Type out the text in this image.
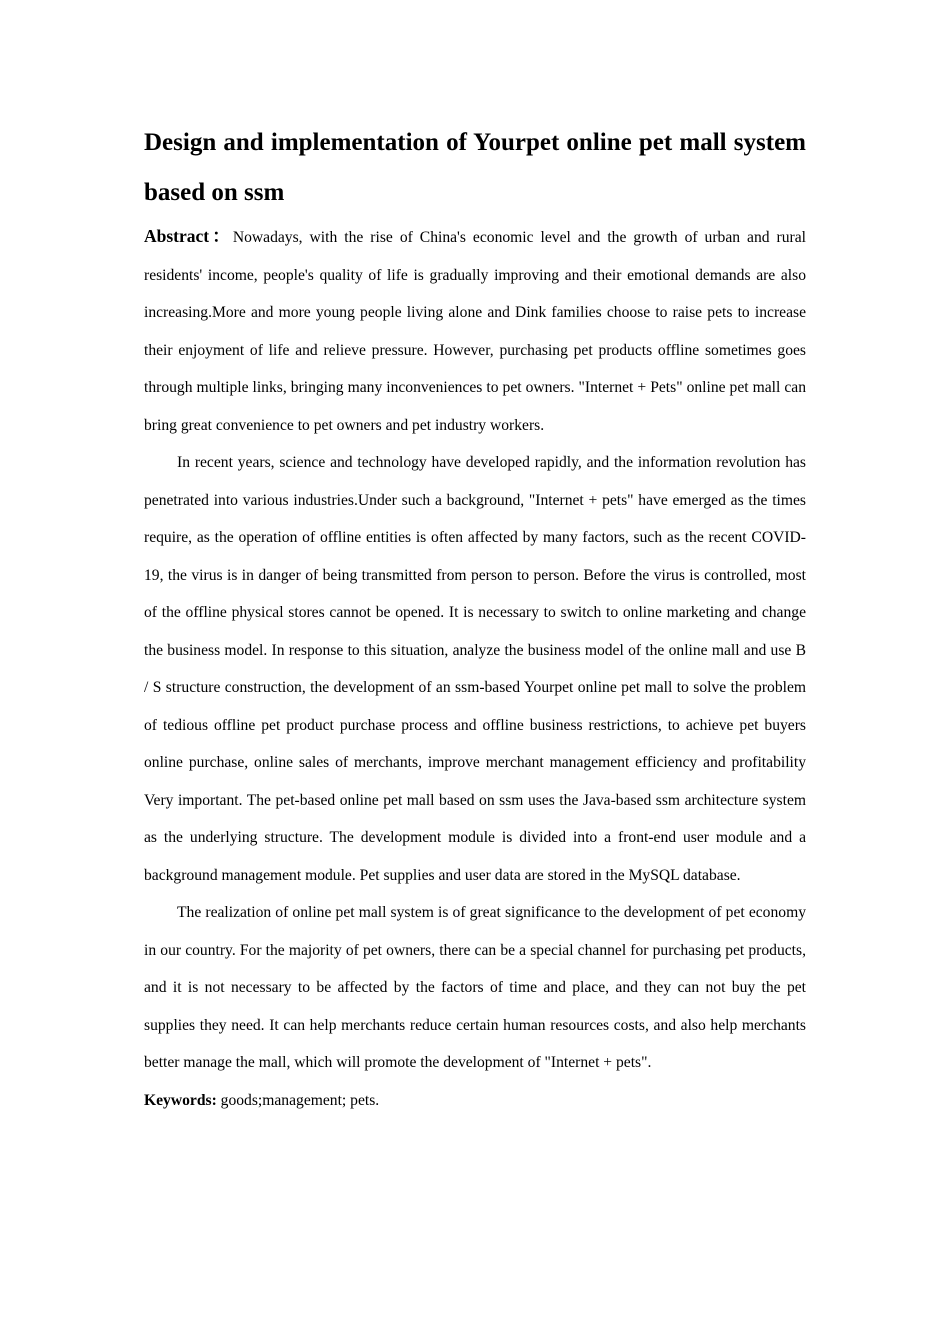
Design and implementation of Yourpet online pet mall system based on ssm

Abstract：Nowadays, with the rise of China's economic level and the growth of urban and rural residents' income, people's quality of life is gradually improving and their emotional demands are also increasing.More and more young people living alone and Dink families choose to raise pets to increase their enjoyment of life and relieve pressure. However, purchasing pet products offline sometimes goes through multiple links, bringing many inconveniences to pet owners. "Internet + Pets" online pet mall can bring great convenience to pet owners and pet industry workers.

In recent years, science and technology have developed rapidly, and the information revolution has penetrated into various industries.Under such a background, "Internet + pets" have emerged as the times require, as the operation of offline entities is often affected by many factors, such as the recent COVID-19, the virus is in danger of being transmitted from person to person. Before the virus is controlled, most of the offline physical stores cannot be opened. It is necessary to switch to online marketing and change the business model. In response to this situation, analyze the business model of the online mall and use B / S structure construction, the development of an ssm-based Yourpet online pet mall to solve the problem of tedious offline pet product purchase process and offline business restrictions, to achieve pet buyers online purchase, online sales of merchants, improve merchant management efficiency and profitability Very important. The pet-based online pet mall based on ssm uses the Java-based ssm architecture system as the underlying structure. The development module is divided into a front-end user module and a background management module. Pet supplies and user data are stored in the MySQL database.

The realization of online pet mall system is of great significance to the development of pet economy in our country. For the majority of pet owners, there can be a special channel for purchasing pet products, and it is not necessary to be affected by the factors of time and place, and they can not buy the pet supplies they need. It can help merchants reduce certain human resources costs, and also help merchants better manage the mall, which will promote the development of "Internet + pets".

Keywords: goods;management; pets.
